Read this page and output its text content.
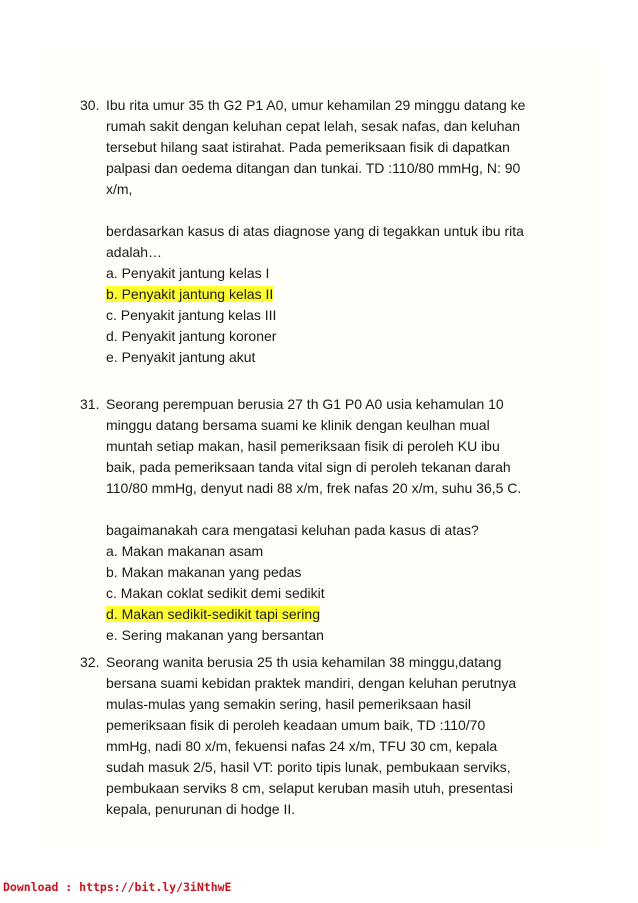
30. Ibu rita umur 35 th G2 P1 A0, umur kehamilan 29 minggu datang ke

rumah sakit dengan keluhan cepat lelah, sesak nafas, dan keluhan

tersebut hilang saat istirahat. Pada pemeriksaan fisik di dapatkan

palpasi dan oedema ditangan dan tunkai. TD :110/80 mmHg, N: 90

x/m,

berdasarkan kasus di atas diagnose yang di tegakkan untuk ibu rita

adalah…

a. Penyakit jantung kelas I
b. Penyakit jantung kelas II
c. Penyakit jantung kelas III
d. Penyakit jantung koroner
e. Penyakit jantung akut
31. Seorang perempuan berusia 27 th G1 P0 A0 usia kehamulan 10

minggu datang bersama suami ke klinik dengan keulhan mual

muntah setiap makan, hasil pemeriksaan fisik di peroleh KU ibu

baik, pada pemeriksaan tanda vital sign di peroleh tekanan darah

110/80 mmHg, denyut nadi 88 x/m, frek nafas 20 x/m, suhu 36,5 C.

bagaimanakah cara mengatasi keluhan pada kasus di atas?

a. Makan makanan asam
b. Makan makanan yang pedas
c. Makan coklat sedikit demi sedikit
d. Makan sedikit-sedikit tapi sering
e. Sering makanan yang bersantan
32. Seorang wanita berusia 25 th usia kehamilan 38 minggu,datang

bersana suami kebidan praktek mandiri, dengan keluhan perutnya

mulas-mulas yang semakin sering, hasil pemeriksaan hasil

pemeriksaan fisik di peroleh keadaan umum baik, TD :110/70

mmHg, nadi 80 x/m, fekuensi nafas 24 x/m, TFU 30 cm, kepala

sudah masuk 2/5, hasil VT: porito tipis lunak, pembukaan serviks,

pembukaan serviks 8 cm, selaput keruban masih utuh, presentasi

kepala, penurunan di hodge II.

Download : https://bit.ly/3iNthwE
